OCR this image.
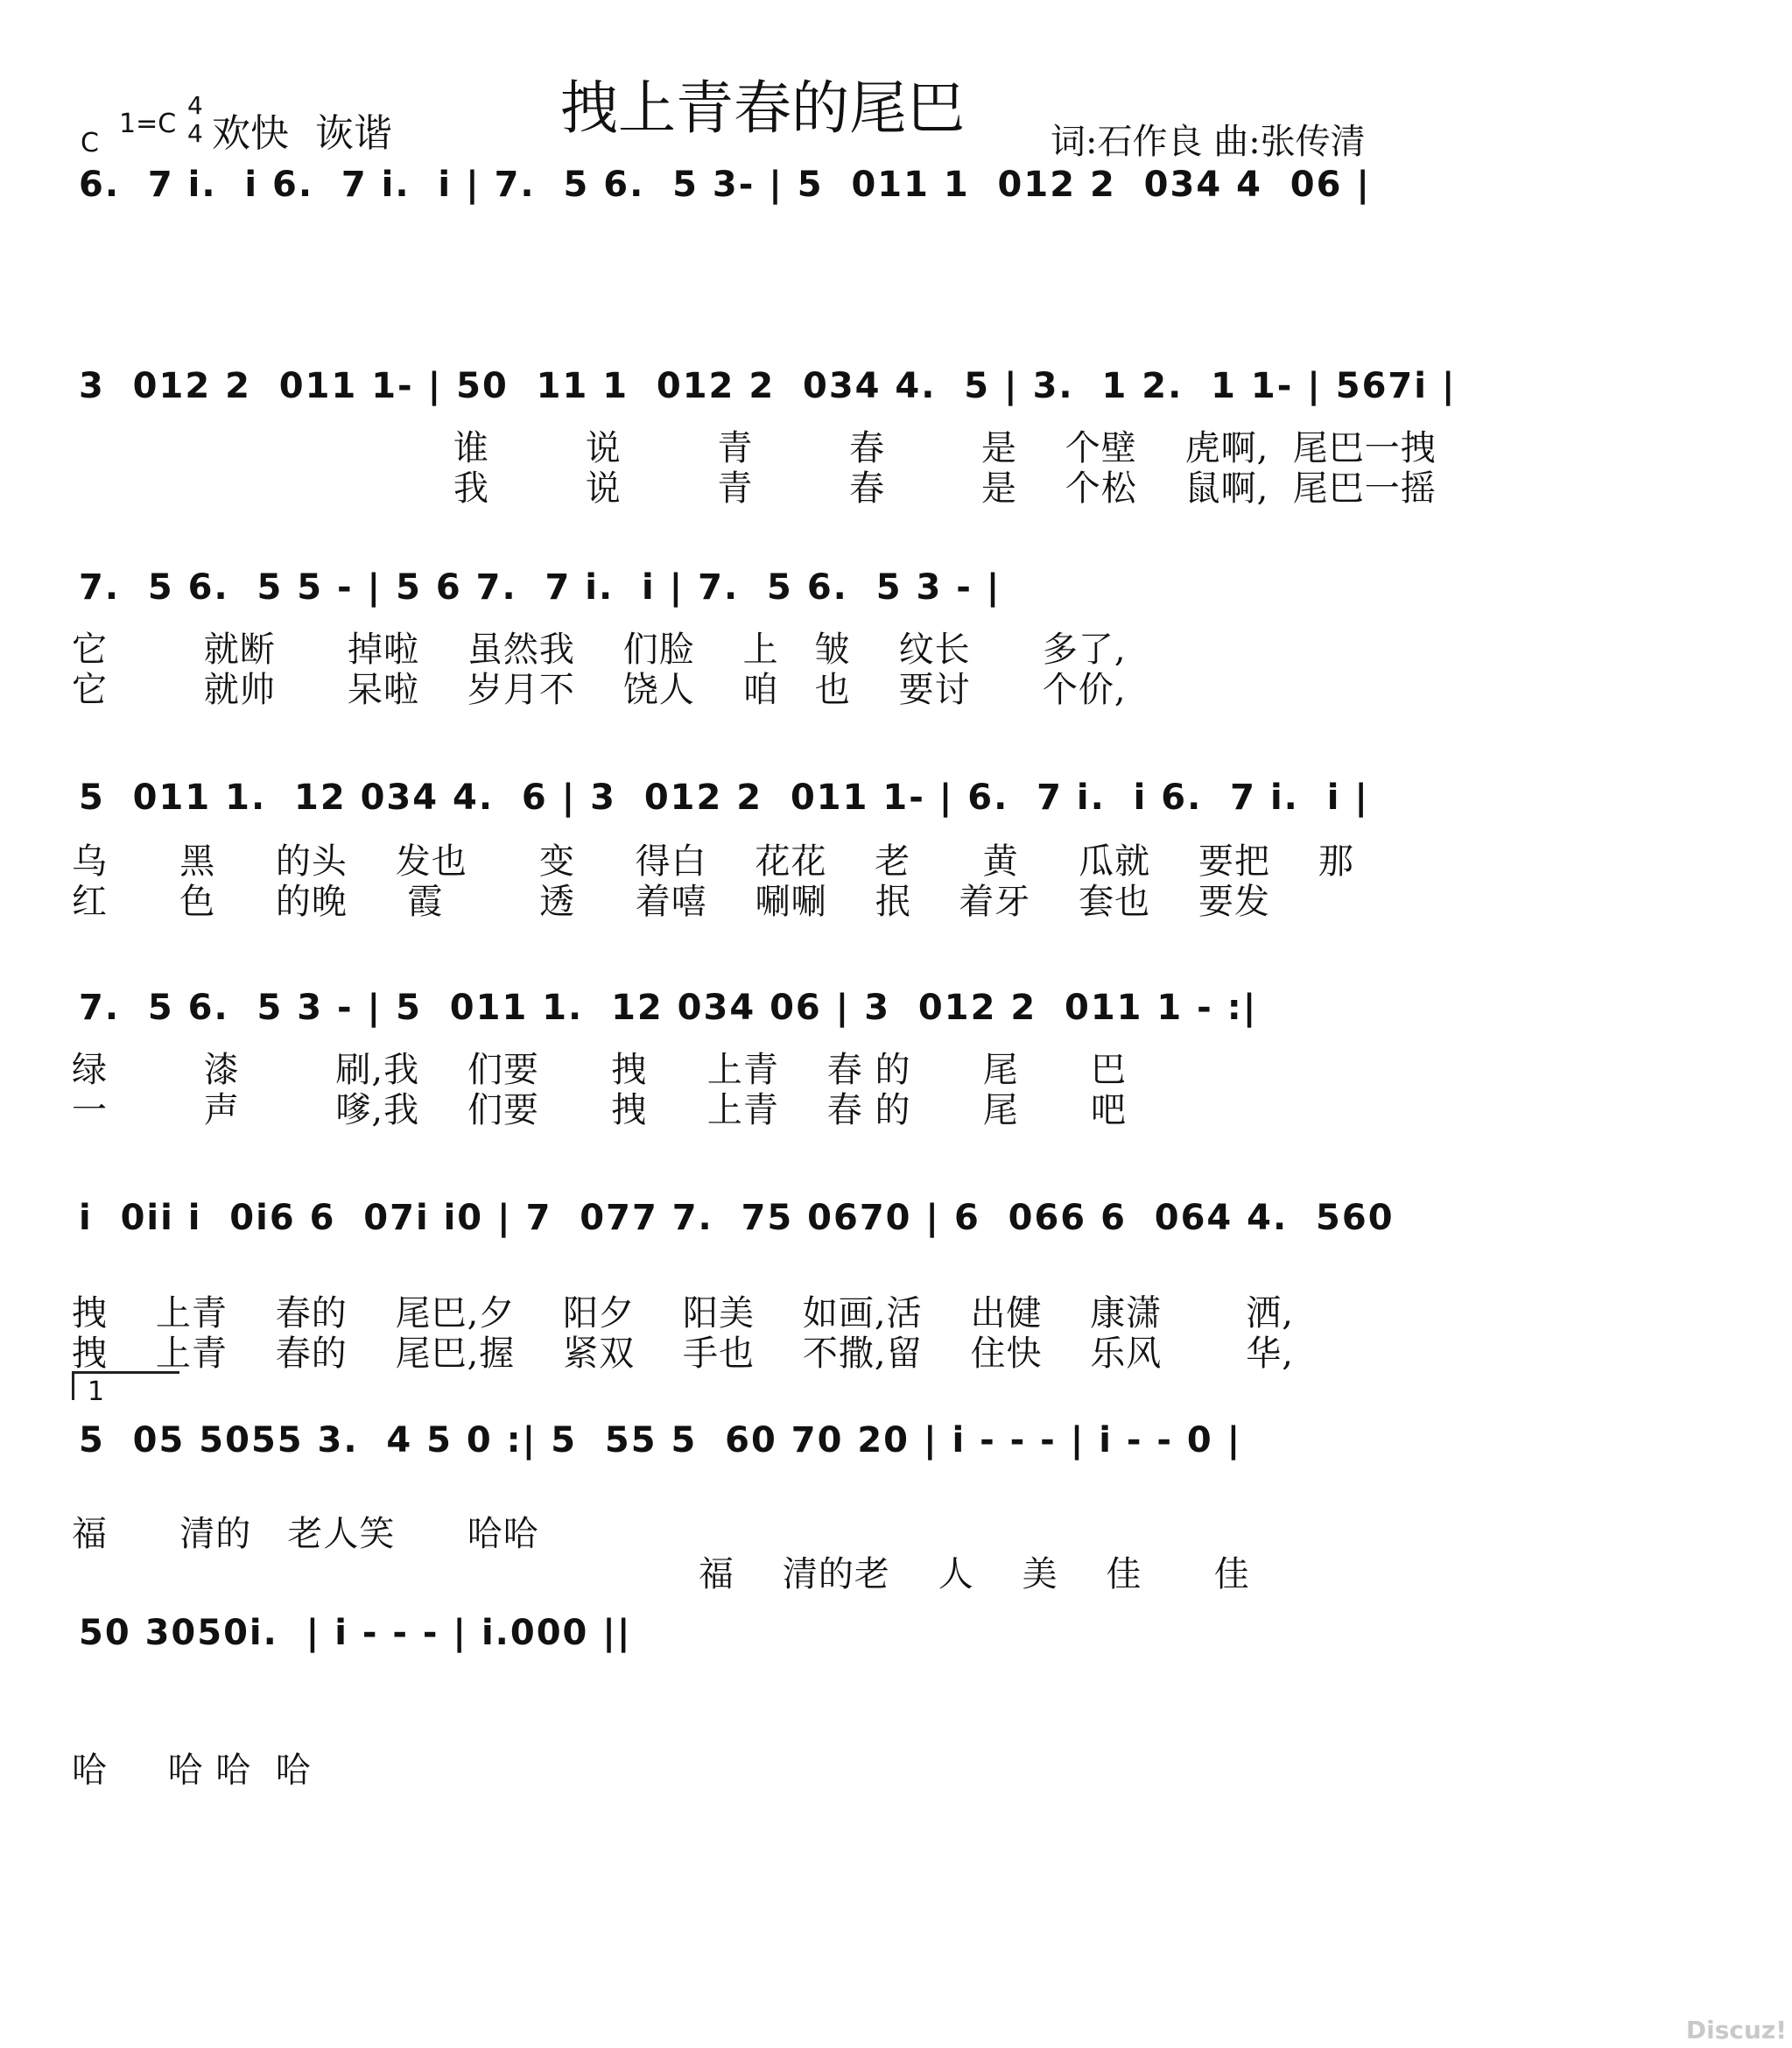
拽上青春的尾巴
C
1=C
4
4 欢快 诙谐	词:石作良 曲:张传清
6.  7 i.  i 6.  7 i.  i | 7.  5 6.  5 3- | 5  011 1  012 2  034 4  06 |
3  012 2  011 1- | 50  11 1  012 2  034 4.  5 | 3.  1 2.  1 1- | 567i |
谁        说        青        春        是    个壁    虎啊,  尾巴一拽
我        说        青        春        是    个松    鼠啊,  尾巴一摇
7.  5 6.  5 5 - | 5 6 7.  7 i.  i | 7.  5 6.  5 3 - |
它        就断      掉啦    虽然我    们脸    上   皱    纹长      多了,
它        就帅      呆啦    岁月不    饶人    咱   也    要讨      个价,
5  011 1.  12 034 4.  6 | 3  012 2  011 1- | 6.  7 i.  i 6.  7 i.  i |
乌      黑     的头    发也      变     得白    花花    老      黄     瓜就    要把    那
红      色     的晚     霞        透     着嘻    唰唰    抿    着牙    套也    要发
7.  5 6.  5 3 - | 5  011 1.  12 034 06 | 3  012 2  011 1 - :|
绿        漆        刷,我    们要      拽     上青    春 的      尾      巴
一        声        嗲,我    们要      拽     上青    春 的      尾      吧
i  0ii i  0i6 6  07i i0 | 7  077 7.  75 0670 | 6  066 6  064 4.  560
拽    上青    春的    尾巴,夕    阳夕    阳美    如画,活    出健    康潇       洒,
拽    上青    春的    尾巴,握    紧双    手也    不撒,留    住快    乐风       华,
1
5  05 5055 3.  4 5 0 :| 5  55 5  60 70 20 | i - - - | i - - 0 |
福      清的   老人笑      哈哈
福    清的老    人    美    佳      佳
50 3050i.  | i - - - | i.000 ||
哈     哈 哈  哈
Discuz!
